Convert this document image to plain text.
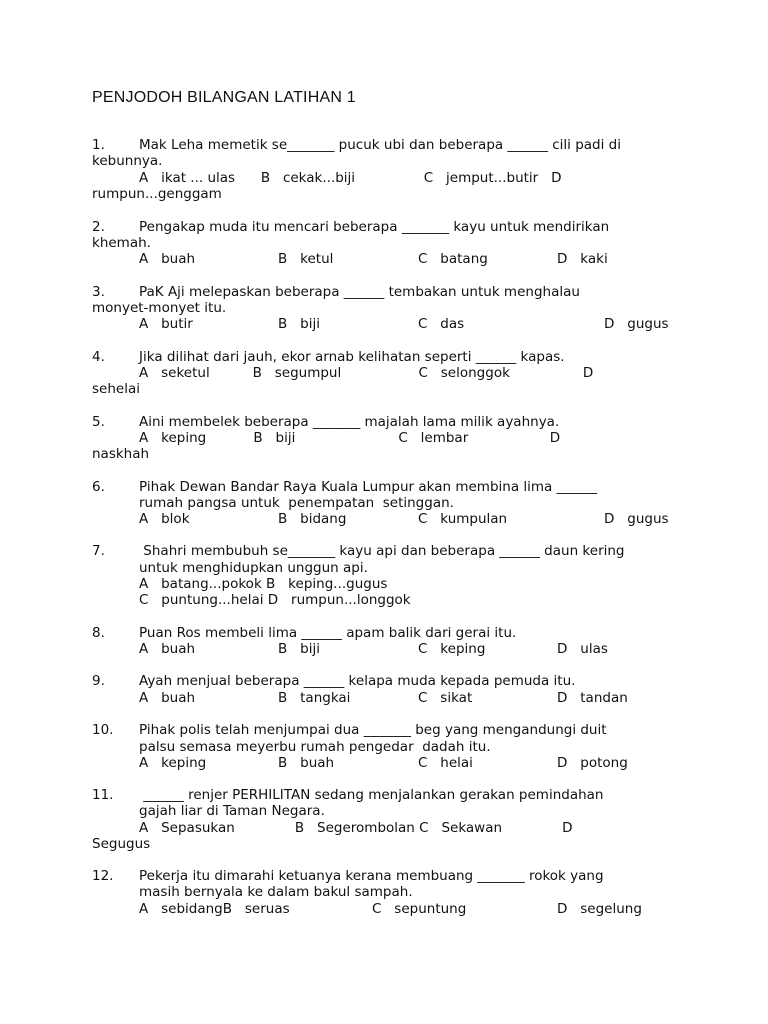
PENJODOH BILANGAN LATIHAN 1
1.	Mak Leha memetik se_______ pucuk ubi dan beberapa ______ cili padi di
kebunnya.
A   ikat ... ulas      B   cekak...biji                C   jemput...butir   D
rumpun...genggam
2.	Pengakap muda itu mencari beberapa _______ kayu untuk mendirikan
khemah.
A   buah	B   ketul	C   batang	D   kaki
3.	PaK Aji melepaskan beberapa ______ tembakan untuk menghalau
monyet-monyet itu.
A   butir	B   biji	C   das	D   gugus
4.	Jika dilihat dari jauh, ekor arnab kelihatan seperti ______ kapas.
A   seketul          B   segumpul                  C   selonggok                 D
sehelai
5.	Aini membelek beberapa _______ majalah lama milik ayahnya.
A   keping           B   biji                        C   lembar                   D
naskhah
6.	Pihak Dewan Bandar Raya Kuala Lumpur akan membina lima ______
rumah pangsa untuk  penempatan  setinggan.
A   blok	B   bidang	C   kumpulan	D   gugus
7.	Shahri membubuh se_______ kayu api dan beberapa ______ daun kering
untuk menghidupkan unggun api.
A   batang...pokok B   keping...gugus
C   puntung...helai D   rumpun...longgok
8.	Puan Ros membeli lima ______ apam balik dari gerai itu.
A   buah	B   biji	C   keping	D   ulas
9.	Ayah menjual beberapa ______ kelapa muda kepada pemuda itu.
A   buah	B   tangkai	C   sikat	D   tandan
10. Pihak polis telah menjumpai dua _______ beg yang mengandungi duit
palsu semasa meyerbu rumah pengedar  dadah itu.
A   keping	B   buah	C   helai	D   potong
11. ______ renjer PERHILITAN sedang menjalankan gerakan pemindahan
gajah liar di Taman Negara.
A   Sepasukan              B   Segerombolan C   Sekawan              D
Segugus
12. Pekerja itu dimarahi ketuanya kerana membuang _______ rokok yang
masih bernyala ke dalam bakul sampah.
A   sebidangB   seruas	C   sepuntung	D   segelung
